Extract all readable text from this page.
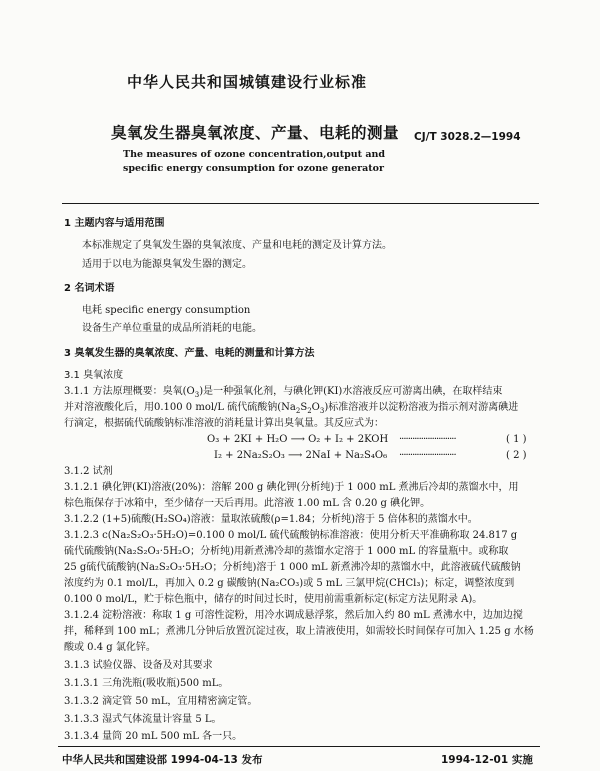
中华人民共和国城镇建设行业标准
臭氧发生器臭氧浓度、产量、电耗的测量 CJ/T 3028.2—1994
The measures of ozone concentration,output and
specific energy consumption for ozone generator
1 主题内容与适用范围
本标准规定了臭氧发生器的臭氧浓度、产量和电耗的测定及计算方法。
适用于以电为能源臭氧发生器的测定。
2 名词术语
电耗 specific energy consumption
设备生产单位重量的成品所消耗的电能。
3 臭氧发生器的臭氧浓度、产量、电耗的测量和计算方法
3.1 臭氧浓度
3.1.1 方法原理概要：臭氧$(O_3)$是一种强氧化剂，与碘化钾(KI)水溶液反应可游离出碘，在取样结束
并对溶液酸化后，用0.100 0 mol/L 硫代硫酸钠$(Na_2S_2O_3)$标准溶液并以淀粉溶液为指示剂对游离碘进
行滴定，根据硫代硫酸钠标准溶液的消耗量计算出臭氧量。其反应式为：
O₃ + 2KI + H₂O ⟶ O₂ + I₂ + 2KOH ··························	( 1 )
I₂ + 2Na₂S₂O₃ ⟶ 2NaI + Na₂S₄O₆ ··························	( 2 )
3.1.2 试剂
3.1.2.1 碘化钾(KI)溶液(20%)：溶解 200 g 碘化钾(分析纯)于 1 000 mL 煮沸后冷却的蒸馏水中，用
棕色瓶保存于冰箱中，至少储存一天后再用。此溶液 1.00 mL 含 0.20 g 碘化钾。
3.1.2.2 (1+5)硫酸(H₂SO₄)溶液：量取浓硫酸(ρ=1.84；分析纯)溶于 5 倍体积的蒸馏水中。
3.1.2.3 c(Na₂S₂O₃·5H₂O)=0.100 0 mol/L 硫代硫酸钠标准溶液：使用分析天平准确称取 24.817 g
硫代硫酸钠(Na₂S₂O₃·5H₂O；分析纯)用新煮沸冷却的蒸馏水定溶于 1 000 mL 的容量瓶中。或称取
25 g硫代硫酸钠(Na₂S₂O₃·5H₂O；分析纯)溶于 1 000 mL 新煮沸冷却的蒸馏水中，此溶液硫代硫酸钠
浓度约为 0.1 mol/L，再加入 0.2 g 碳酸钠(Na₂CO₃)或 5 mL 三氯甲烷(CHCl₃)；标定，调整浓度到
0.100 0 mol/L，贮于棕色瓶中，储存的时间过长时，使用前需重新标定(标定方法见附录 A)。
3.1.2.4 淀粉溶液：称取 1 g 可溶性淀粉，用冷水调成悬浮浆，然后加入约 80 mL 煮沸水中，边加边搅
拌，稀释到 100 mL；煮沸几分钟后放置沉淀过夜，取上清液使用，如需较长时间保存可加入 1.25 g 水杨
酸或 0.4 g 氯化锌。
3.1.3 试验仪器、设备及对其要求
3.1.3.1 三角洗瓶(吸收瓶)500 mL。
3.1.3.2 滴定管 50 mL，宜用精密滴定管。
3.1.3.3 湿式气体流量计容量 5 L。
3.1.3.4 量筒 20 mL 500 mL 各一只。
中华人民共和国建设部 1994-04-13 发布	1994-12-01 实施
